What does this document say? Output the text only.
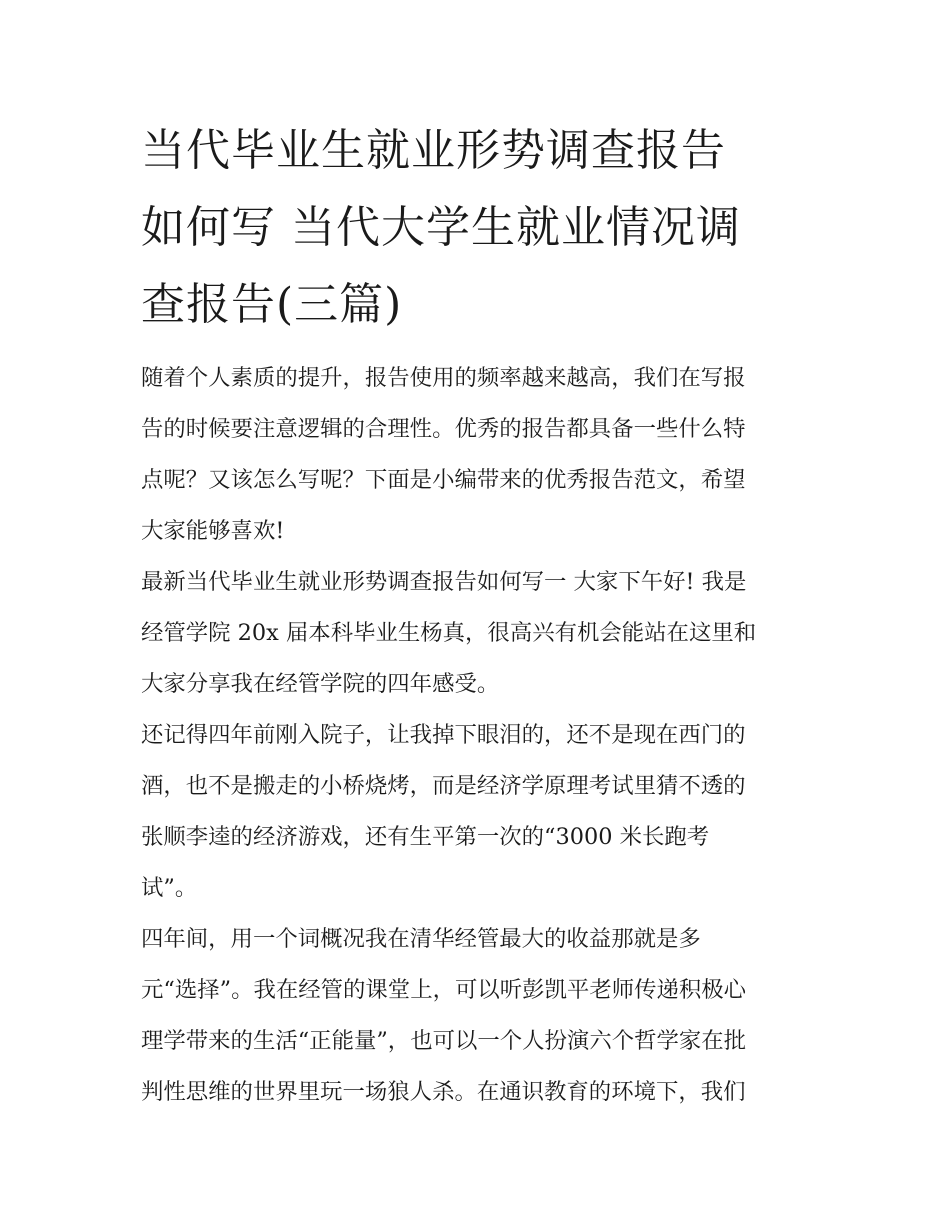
当代毕业生就业形势调查报告
如何写 当代大学生就业情况调
查报告(三篇)

随着个人素质的提升，报告使用的频率越来越高，我们在写报
告的时候要注意逻辑的合理性。优秀的报告都具备一些什么特
点呢？又该怎么写呢？下面是小编带来的优秀报告范文，希望
大家能够喜欢!

最新当代毕业生就业形势调查报告如何写一 大家下午好! 我是
经管学院 20x 届本科毕业生杨真，很高兴有机会能站在这里和
大家分享我在经管学院的四年感受。

还记得四年前刚入院子，让我掉下眼泪的，还不是现在西门的
酒，也不是搬走的小桥烧烤，而是经济学原理考试里猜不透的
张顺李逵的经济游戏，还有生平第一次的“3000 米长跑考
试”。

四年间，用一个词概况我在清华经管最大的收益那就是多
元“选择”。我在经管的课堂上，可以听彭凯平老师传递积极心
理学带来的生活“正能量”，也可以一个人扮演六个哲学家在批
判性思维的世界里玩一场狼人杀。在通识教育的环境下，我们
